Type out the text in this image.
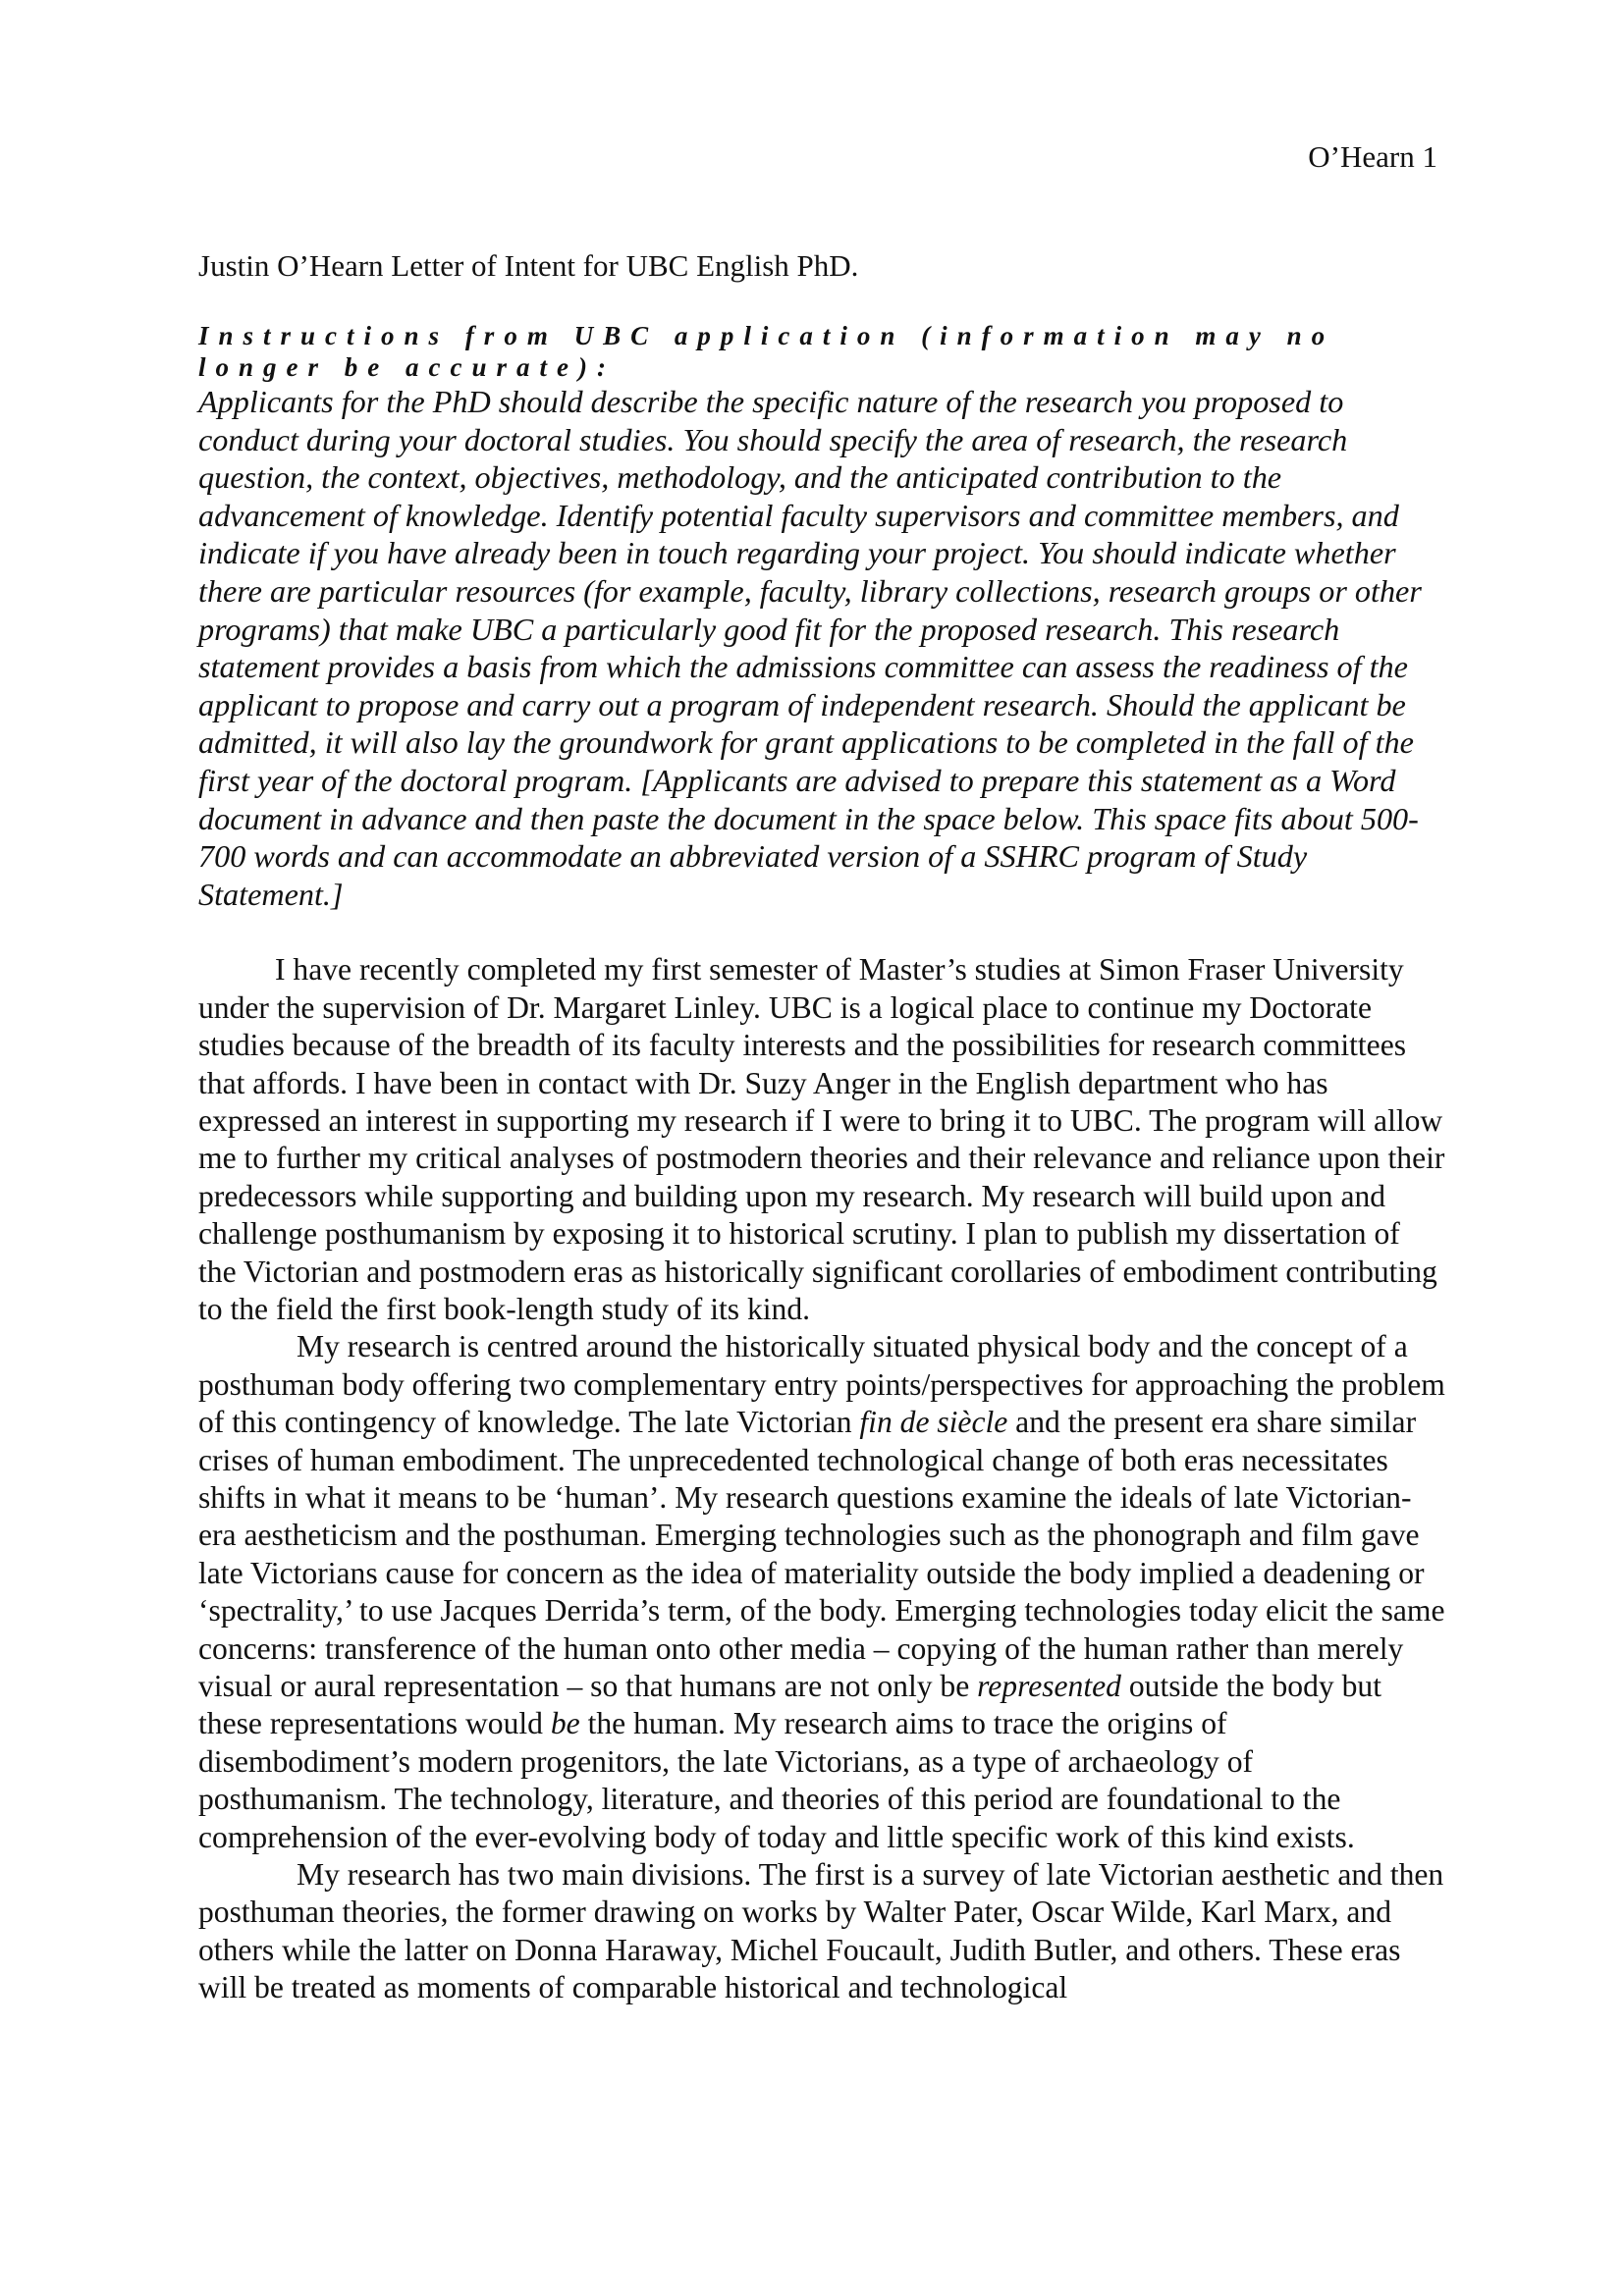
O’Hearn 1
Justin O’Hearn Letter of Intent for UBC English PhD.
Instructions from UBC application (information may no longer be accurate):

Applicants for the PhD should describe the specific nature of the research you proposed to conduct during your doctoral studies. You should specify the area of research, the research question, the context, objectives, methodology, and the anticipated contribution to the advancement of knowledge. Identify potential faculty supervisors and committee members, and indicate if you have already been in touch regarding your project. You should indicate whether there are particular resources (for example, faculty, library collections, research groups or other programs) that make UBC a particularly good fit for the proposed research. This research statement provides a basis from which the admissions committee can assess the readiness of the applicant to propose and carry out a program of independent research. Should the applicant be admitted, it will also lay the groundwork for grant applications to be completed in the fall of the first year of the doctoral program. [Applicants are advised to prepare this statement as a Word document in advance and then paste the document in the space below. This space fits about 500-700 words and can accommodate an abbreviated version of a SSHRC program of Study Statement.]

I have recently completed my first semester of Master’s studies at Simon Fraser University under the supervision of Dr. Margaret Linley. UBC is a logical place to continue my Doctorate studies because of the breadth of its faculty interests and the possibilities for research committees that affords. I have been in contact with Dr. Suzy Anger in the English department who has expressed an interest in supporting my research if I were to bring it to UBC. The program will allow me to further my critical analyses of postmodern theories and their relevance and reliance upon their predecessors while supporting and building upon my research. My research will build upon and challenge posthumanism by exposing it to historical scrutiny. I plan to publish my dissertation of the Victorian and postmodern eras as historically significant corollaries of embodiment contributing to the field the first book-length study of its kind.

My research is centred around the historically situated physical body and the concept of a posthuman body offering two complementary entry points/perspectives for approaching the problem of this contingency of knowledge. The late Victorian fin de siècle and the present era share similar crises of human embodiment. The unprecedented technological change of both eras necessitates shifts in what it means to be ‘human’. My research questions examine the ideals of late Victorian-era aestheticism and the posthuman. Emerging technologies such as the phonograph and film gave late Victorians cause for concern as the idea of materiality outside the body implied a deadening or ‘spectrality,’ to use Jacques Derrida’s term, of the body. Emerging technologies today elicit the same concerns: transference of the human onto other media – copying of the human rather than merely visual or aural representation – so that humans are not only be represented outside the body but these representations would be the human. My research aims to trace the origins of disembodiment’s modern progenitors, the late Victorians, as a type of archaeology of posthumanism. The technology, literature, and theories of this period are foundational to the comprehension of the ever-evolving body of today and little specific work of this kind exists.

My research has two main divisions. The first is a survey of late Victorian aesthetic and then posthuman theories, the former drawing on works by Walter Pater, Oscar Wilde, Karl Marx, and others while the latter on Donna Haraway, Michel Foucault, Judith Butler, and others. These eras will be treated as moments of comparable historical and technological
